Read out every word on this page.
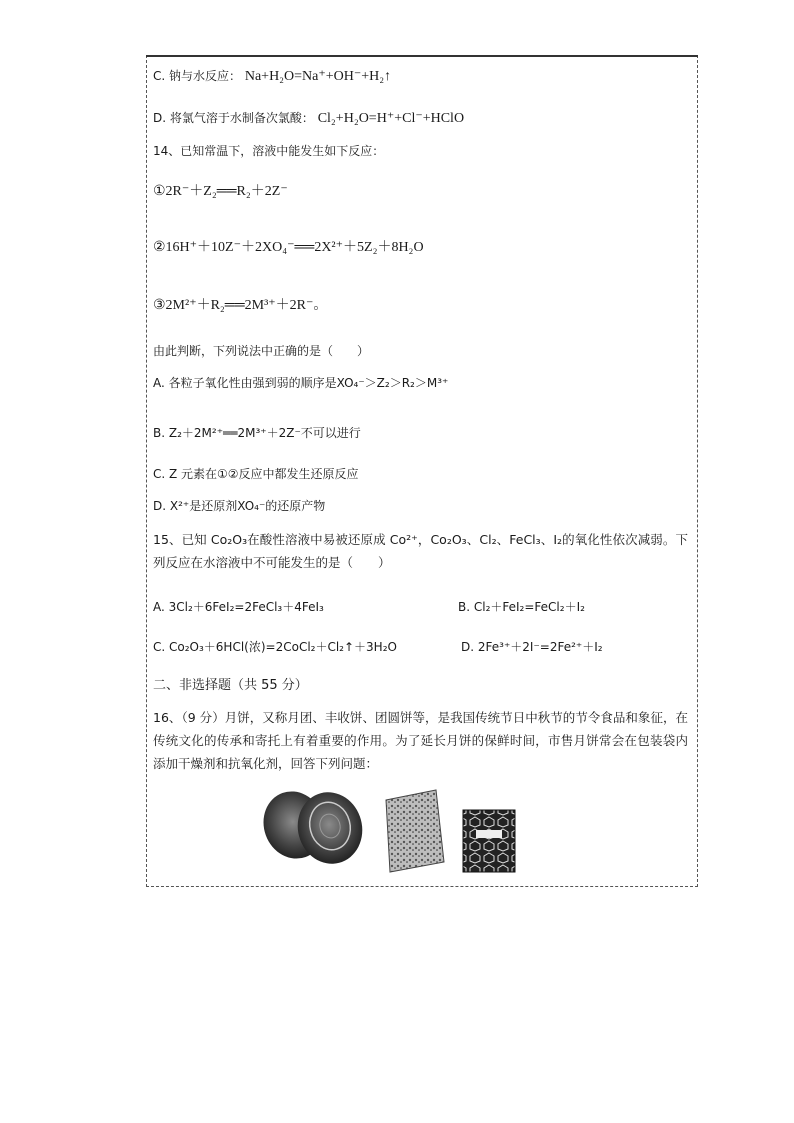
C. 钠与水反应： Na+H₂O=Na⁺+OH⁻+H₂↑
D. 将氯气溶于水制备次氯酸： Cl₂+H₂O=H⁺+Cl⁻+HClO
14、已知常温下，溶液中能发生如下反应：
①2R⁻＋Z₂══R₂＋2Z⁻
②16H⁺＋10Z⁻＋2XO₄⁻══2X²⁺＋5Z₂＋8H₂O
③2M²⁺＋R₂══2M³⁺＋2R⁻。
由此判断，下列说法中正确的是（　　）
A. 各粒子氧化性由强到弱的顺序是XO₄⁻＞Z₂＞R₂＞M³⁺
B. Z₂＋2M²⁺══2M³⁺＋2Z⁻不可以进行
C. Z 元素在①②反应中都发生还原反应
D. X²⁺是还原剂XO₄⁻的还原产物
15、已知 Co₂O₃在酸性溶液中易被还原成 Co²⁺，Co₂O₃、Cl₂、FeCl₃、I₂的氧化性依次减弱。下列反应在水溶液中不可能发生的是（　　）
A. 3Cl₂＋6FeI₂=2FeCl₃＋4FeI₃	B. Cl₂＋FeI₂=FeCl₂＋I₂
C. Co₂O₃＋6HCl(浓)=2CoCl₂＋Cl₂↑＋3H₂O	D. 2Fe³⁺＋2I⁻=2Fe²⁺＋I₂
二、非选择题（共 55 分）
16、（9 分）月饼，又称月团、丰收饼、团圆饼等，是我国传统节日中秋节的节令食品和象征，在传统文化的传承和寄托上有着重要的作用。为了延长月饼的保鲜时间，市售月饼常会在包装袋内添加干燥剂和抗氧化剂，回答下列问题：
